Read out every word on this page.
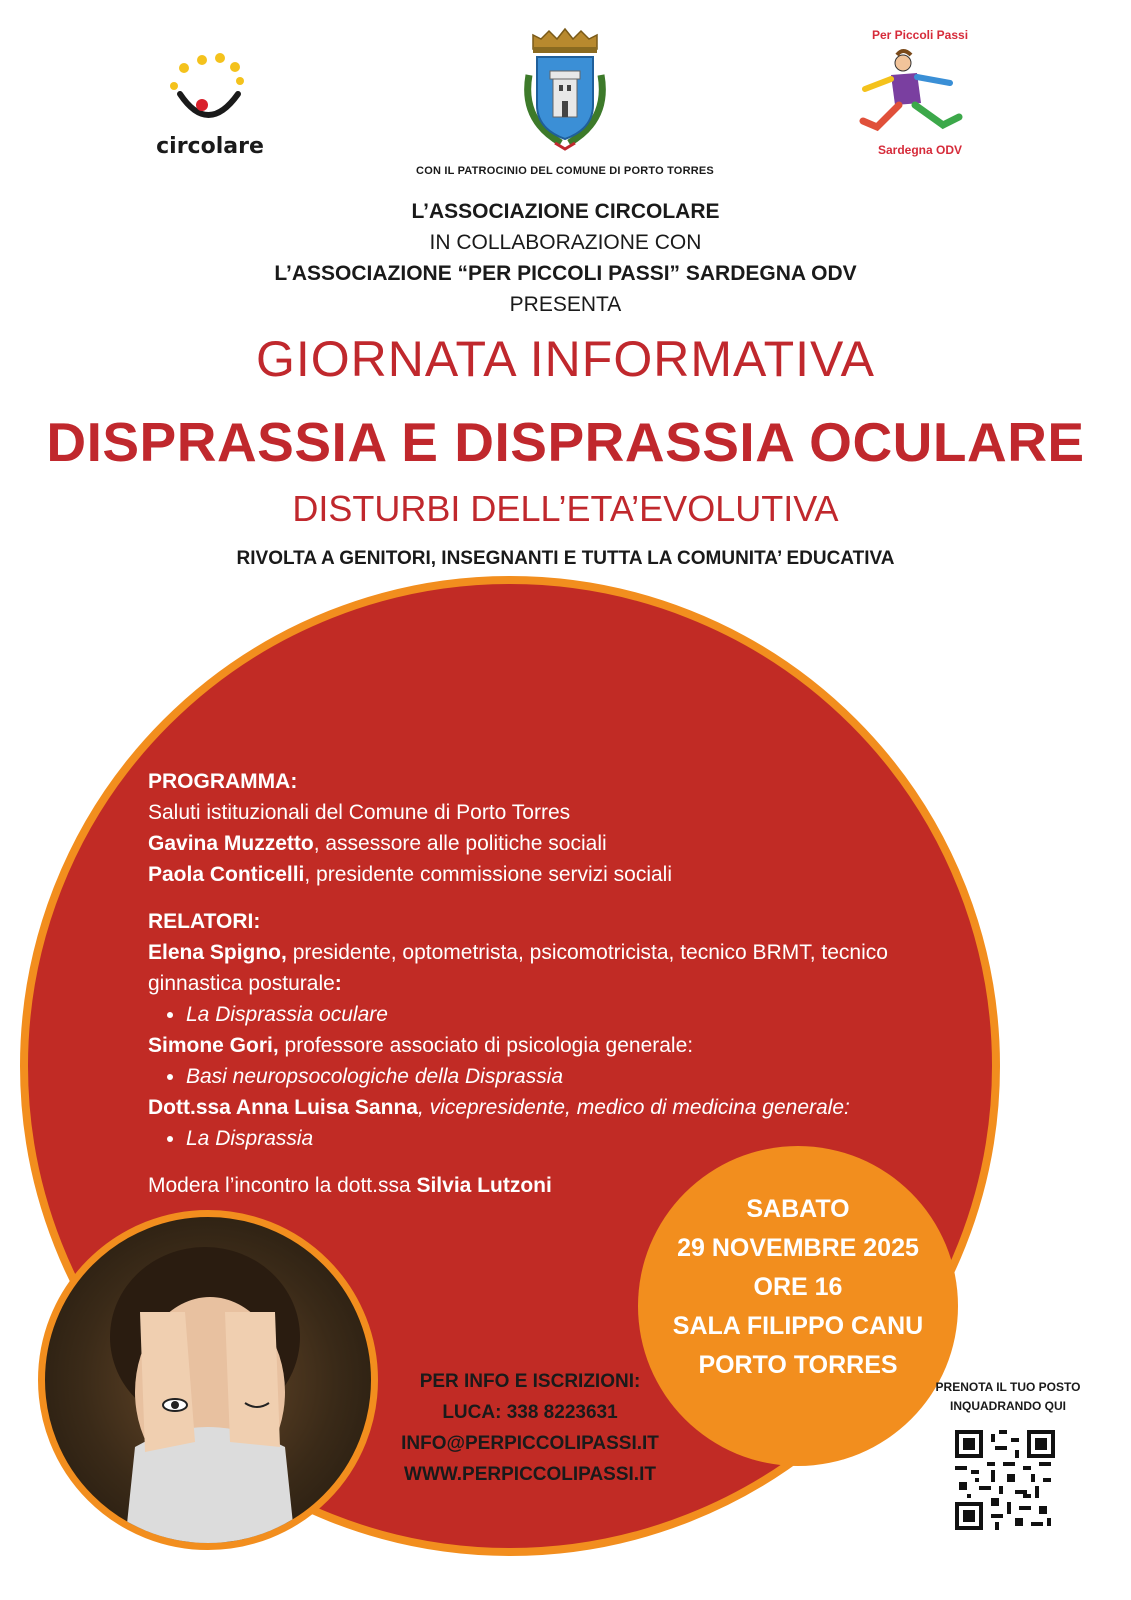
circolare
CON IL PATROCINIO DEL COMUNE DI PORTO TORRES
Per Piccoli Passi
Sardegna ODV
L’ASSOCIAZIONE CIRCOLARE
IN COLLABORAZIONE CON
L’ASSOCIAZIONE “PER PICCOLI PASSI” SARDEGNA ODV
PRESENTA
GIORNATA INFORMATIVA
DISPRASSIA E DISPRASSIA OCULARE
DISTURBI DELL’ETA’EVOLUTIVA
RIVOLTA A GENITORI, INSEGNANTI E TUTTA LA COMUNITA’ EDUCATIVA

PROGRAMMA:

Saluti istituzionali del Comune di Porto Torres

Gavina Muzzetto, assessore alle politiche sociali

Paola Conticelli, presidente commissione servizi sociali

RELATORI:

Elena Spigno, presidente, optometrista, psicomotricista, tecnico BRMT, tecnico ginnastica posturale:

• La Disprassia oculare

Simone Gori, professore associato di psicologia generale:

• Basi neuropsocologiche della Disprassia

Dott.ssa Anna Luisa Sanna, vicepresidente, medico di medicina generale:

• La Disprassia

Modera l’incontro la dott.ssa Silvia Lutzoni

SABATO
29 NOVEMBRE 2025
ORE 16
SALA FILIPPO CANU
PORTO TORRES
PER INFO E ISCRIZIONI:
LUCA: 338 8223631
INFO@PERPICCOLIPASSI.IT
WWW.PERPICCOLIPASSI.IT
PRENOTA IL TUO POSTO
INQUADRANDO QUI
